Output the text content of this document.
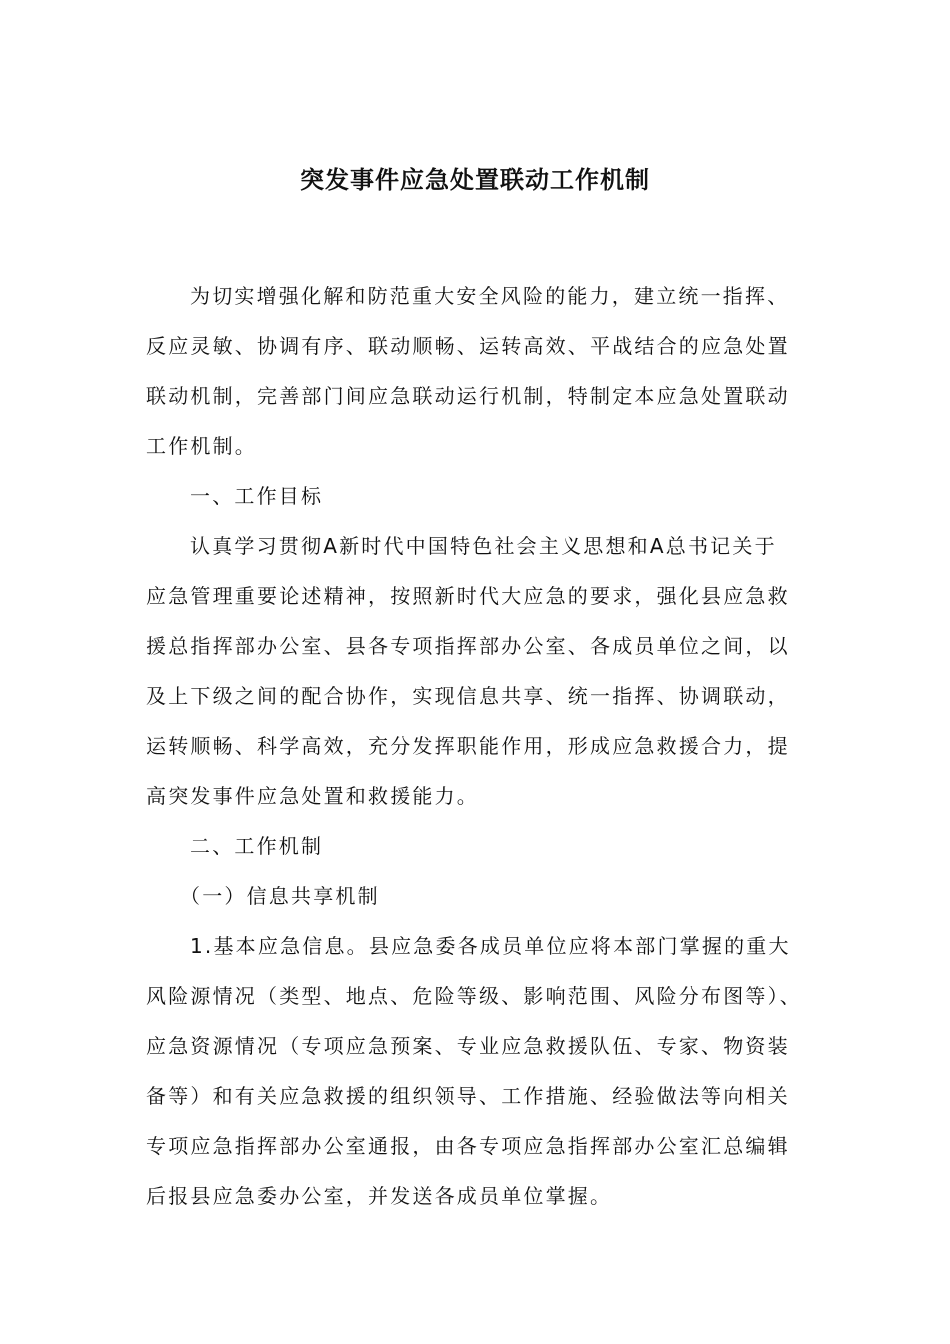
突发事件应急处置联动工作机制
为切实增强化解和防范重大安全风险的能力，建立统一指挥、
反应灵敏、协调有序、联动顺畅、运转高效、平战结合的应急处置
联动机制，完善部门间应急联动运行机制，特制定本应急处置联动
工作机制。
一、工作目标
认真学习贯彻A新时代中国特色社会主义思想和A总书记关于
应急管理重要论述精神，按照新时代大应急的要求，强化县应急救
援总指挥部办公室、县各专项指挥部办公室、各成员单位之间，以
及上下级之间的配合协作，实现信息共享、统一指挥、协调联动，
运转顺畅、科学高效，充分发挥职能作用，形成应急救援合力，提
高突发事件应急处置和救援能力。
二、工作机制
（一）信息共享机制
1.基本应急信息。县应急委各成员单位应将本部门掌握的重大
风险源情况（类型、地点、危险等级、影响范围、风险分布图等）、
应急资源情况（专项应急预案、专业应急救援队伍、专家、物资装
备等）和有关应急救援的组织领导、工作措施、经验做法等向相关
专项应急指挥部办公室通报，由各专项应急指挥部办公室汇总编辑
后报县应急委办公室，并发送各成员单位掌握。
